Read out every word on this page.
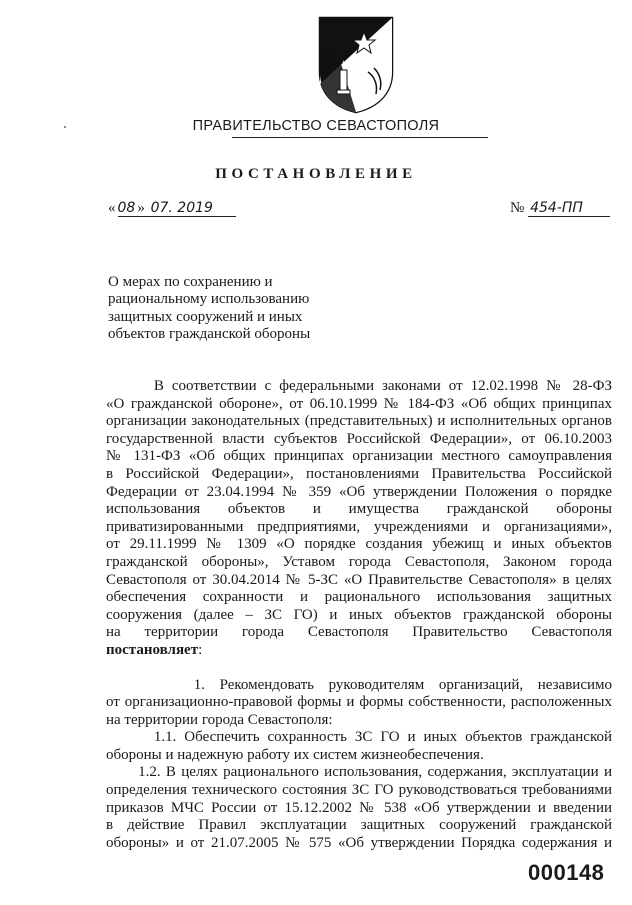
ПРАВИТЕЛЬСТВО СЕВАСТОПОЛЯ
ПОСТАНОВЛЕНИЕ
« 08 » 07. 2019	№ 454-ПП
О мерах по сохранению и
рациональному использованию
защитных сооружений и иных
объектов гражданской обороны

В соответствии с федеральными законами от 12.02.1998 № 28-ФЗ

«О гражданской обороне», от 06.10.1999 № 184-ФЗ «Об общих принципах

организации законодательных (представительных) и исполнительных органов

государственной власти субъектов Российской Федерации», от 06.10.2003

№ 131-ФЗ «Об общих принципах организации местного самоуправления

в Российской Федерации», постановлениями Правительства Российской

Федерации от 23.04.1994 № 359 «Об утверждении Положения о порядке

использования объектов и имущества гражданской обороны

приватизированными предприятиями, учреждениями и организациями»,

от 29.11.1999 № 1309 «О порядке создания убежищ и иных объектов

гражданской обороны», Уставом города Севастополя, Законом города

Севастополя от 30.04.2014 № 5-ЗС «О Правительстве Севастополя» в целях

обеспечения сохранности и рационального использования защитных

сооружения (далее – ЗС ГО) и иных объектов гражданской обороны

на территории города Севастополя Правительство Севастополя

постановляет:

1. Рекомендовать руководителям организаций, независимо

от организационно-правовой формы и формы собственности, расположенных

на территории города Севастополя:

1.1. Обеспечить сохранность ЗС ГО и иных объектов гражданской

обороны и надежную работу их систем жизнеобеспечения.

1.2. В целях рационального использования, содержания, эксплуатации и

определения технического состояния ЗС ГО руководствоваться требованиями

приказов МЧС России от 15.12.2002 № 538 «Об утверждении и введении

в действие Правил эксплуатации защитных сооружений гражданской

обороны» и от 21.07.2005 № 575 «Об утверждении Порядка содержания и

000148
